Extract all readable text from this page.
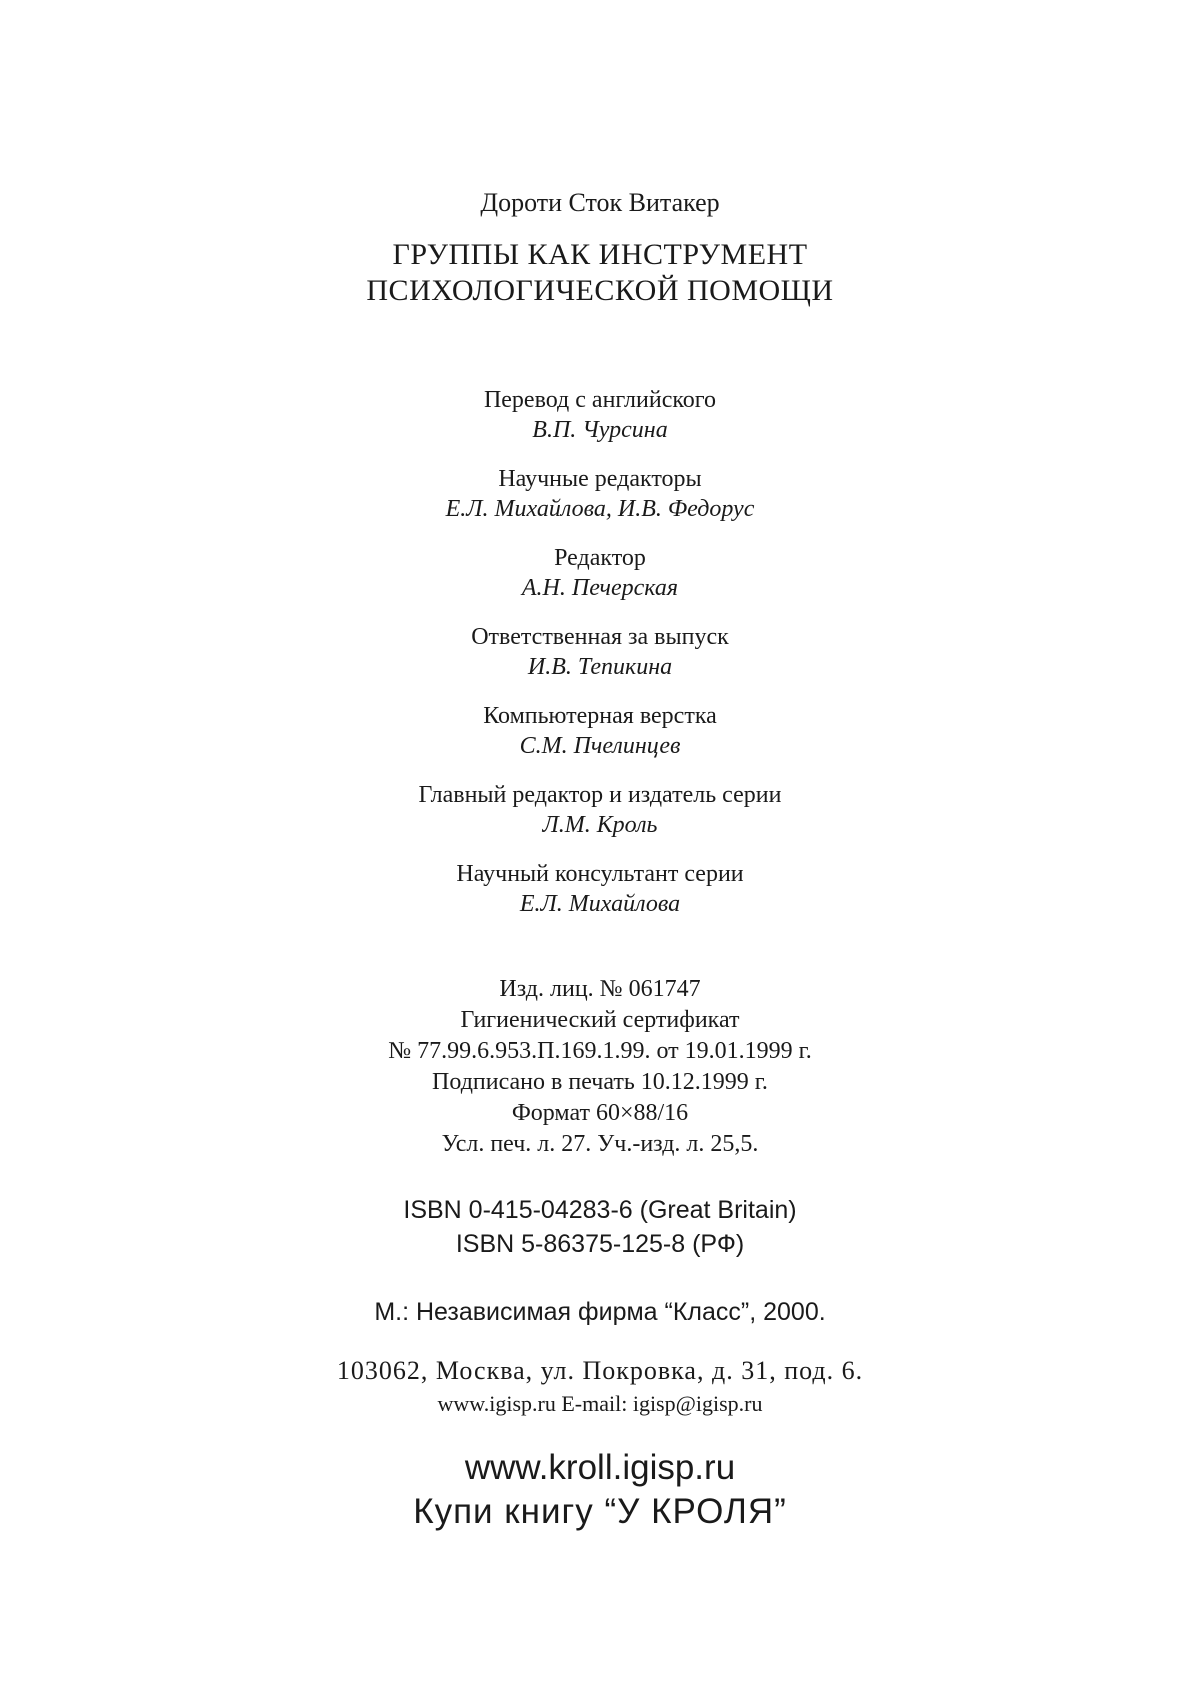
Дороти Сток Витакер
ГРУППЫ КАК ИНСТРУМЕНТ
ПСИХОЛОГИЧЕСКОЙ ПОМОЩИ
Перевод с английского
В.П. Чурсина
Научные редакторы
Е.Л. Михайлова, И.В. Федорус
Редактор
А.Н. Печерская
Ответственная за выпуск
И.В. Тепикина
Компьютерная верстка
С.М. Пчелинцев
Главный редактор и издатель серии
Л.М. Кроль
Научный консультант серии
Е.Л. Михайлова
Изд. лиц. № 061747
Гигиенический сертификат
№ 77.99.6.953.П.169.1.99. от 19.01.1999 г.
Подписано в печать 10.12.1999 г.
Формат 60×88/16
Усл. печ. л. 27. Уч.-изд. л. 25,5.
ISBN 0-415-04283-6 (Great Britain)
ISBN 5-86375-125-8 (РФ)
М.: Независимая фирма “Класс”, 2000.
103062, Москва, ул. Покровка, д. 31, под. 6.
www.igisp.ru E-mail: igisp@igisp.ru
www.kroll.igisp.ru
Купи книгу “У КРОЛЯ”
